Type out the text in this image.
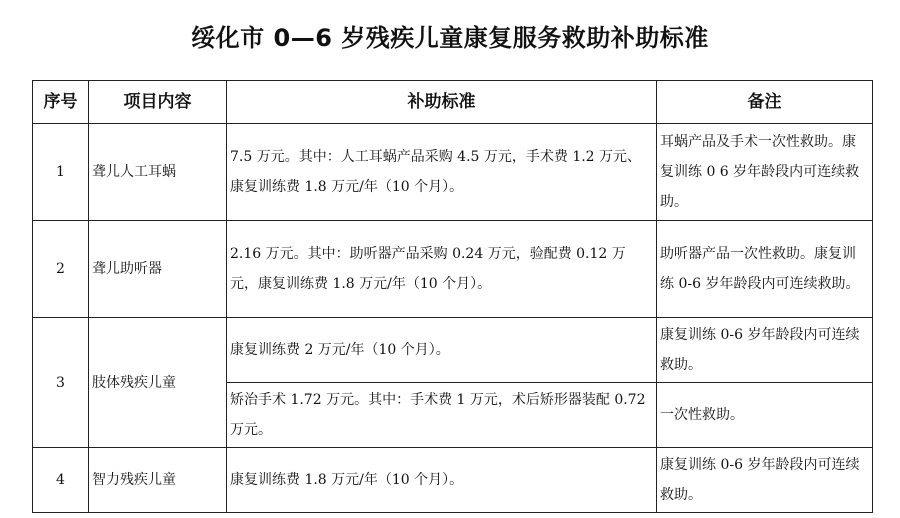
绥化市 0—6 岁残疾儿童康复服务救助补助标准
序号	项目内容	补助标准	备注
1	聋儿人工耳蜗	7.5 万元。其中：人工耳蜗产品采购 4.5 万元，手术费 1.2 万元、康复训练费 1.8 万元/年（10 个月）。	耳蜗产品及手术一次性救助。康复训练 0 6 岁年龄段内可连续救助。
2	聋儿助听器	2.16 万元。其中：助听器产品采购 0.24 万元，验配费 0.12 万元，康复训练费 1.8 万元/年（10 个月）。	助听器产品一次性救助。康复训练 0-6 岁年龄段内可连续救助。
3	肢体残疾儿童	康复训练费 2 万元/年（10 个月）。	康复训练 0-6 岁年龄段内可连续救助。
		矫治手术 1.72 万元。其中：手术费 1 万元，术后矫形器装配 0.72 万元。	一次性救助。
4	智力残疾儿童	康复训练费 1.8 万元/年（10 个月）。	康复训练 0-6 岁年龄段内可连续救助。
